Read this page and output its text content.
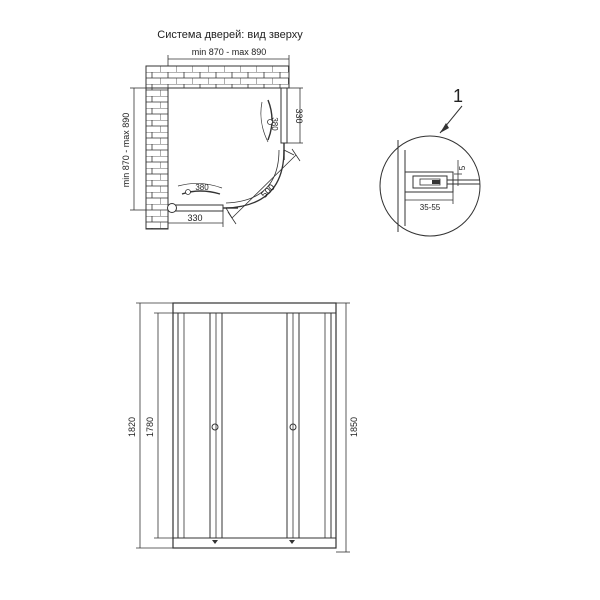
Система дверей: вид зверху
min 870 - max 890
min 870 - max 890	380
380
330
330
500
1
5
35-55
1820 1780	1850
